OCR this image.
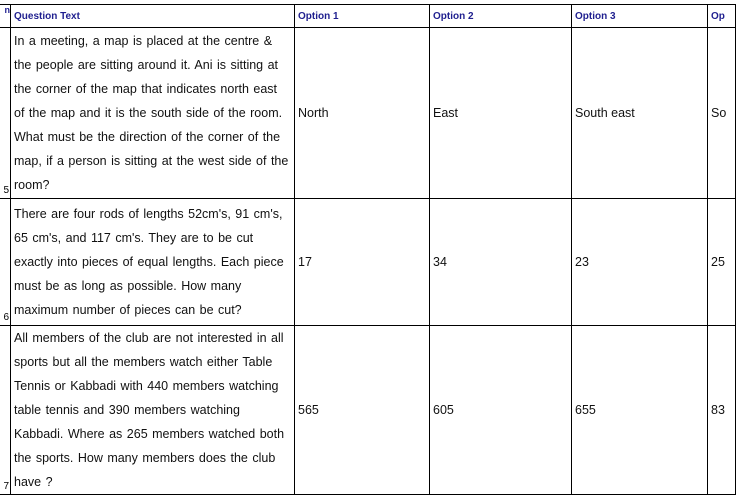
n	Question Text	Option 1	Option 2	Option 3	Op
5	In a meeting, a map is placed at the centre & the people are sitting around it. Ani is sitting at the corner of the map that indicates north east of the map and it is the south side of the room. What must be the direction of the corner of the map, if a person is sitting at the west side of the room?	North	East	South east	So
6	There are four rods of lengths 52cm's, 91 cm's, 65 cm's, and 117 cm's. They are to be cut exactly into pieces of equal lengths. Each piece must be as long as possible. How many maximum number of pieces can be cut?	17	34	23	25
7	All members of the club are not interested in all sports but all the members watch either Table Tennis or Kabbadi with 440 members watching table tennis and 390 members watching Kabbadi. Where as 265 members watched both the sports. How many members does the club have ?	565	605	655	83
